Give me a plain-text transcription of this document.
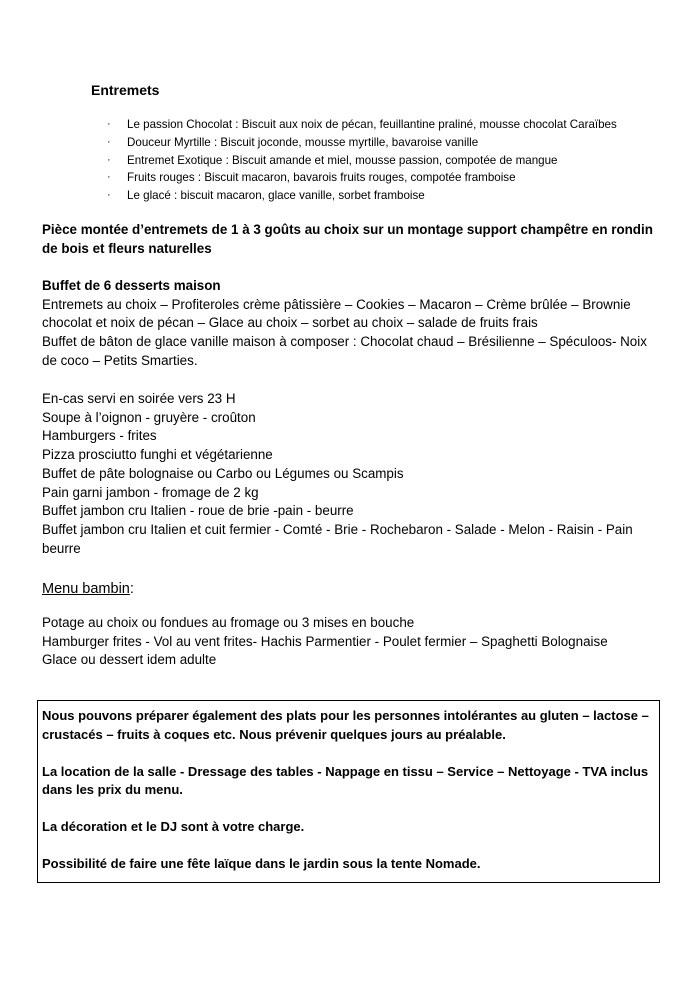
Entremets
· Le passion Chocolat : Biscuit aux noix de pécan, feuillantine praliné, mousse chocolat Caraïbes
· Douceur Myrtille : Biscuit joconde, mousse myrtille, bavaroise vanille
· Entremet Exotique : Biscuit amande et miel, mousse passion, compotée de mangue
· Fruits rouges : Biscuit macaron, bavarois fruits rouges, compotée framboise
· Le glacé : biscuit macaron, glace vanille, sorbet framboise
Pièce montée d’entremets de 1 à 3 goûts au choix sur un montage support champêtre en rondin
de bois et fleurs naturelles
Buffet de 6 desserts maison
Entremets au choix – Profiteroles crème pâtissière – Cookies – Macaron – Crème brûlée – Brownie
chocolat et noix de pécan – Glace au choix – sorbet au choix – salade de fruits frais
Buffet de bâton de glace vanille maison à composer : Chocolat chaud – Brésilienne – Spéculoos- Noix
de coco – Petits Smarties.
En-cas servi en soirée vers 23 H
Soupe à l’oignon - gruyère - croûton
Hamburgers - frites
Pizza prosciutto funghi et végétarienne
Buffet de pâte bolognaise ou Carbo ou Légumes ou Scampis
Pain garni jambon - fromage de 2 kg
Buffet jambon cru Italien - roue de brie -pain - beurre
Buffet jambon cru Italien et cuit fermier - Comté - Brie - Rochebaron - Salade - Melon - Raisin - Pain
beurre
Menu bambin:
Potage au choix ou fondues au fromage ou 3 mises en bouche
Hamburger frites - Vol au vent frites- Hachis Parmentier - Poulet fermier – Spaghetti Bolognaise
Glace ou dessert idem adulte

Nous pouvons préparer également des plats pour les personnes intolérantes au gluten – lactose – crustacés – fruits à coques etc. Nous prévenir quelques jours au préalable.

La location de la salle - Dressage des tables - Nappage en tissu – Service – Nettoyage - TVA inclus dans les prix du menu.

La décoration et le DJ sont à votre charge.

Possibilité de faire une fête laïque dans le jardin sous la tente Nomade.
